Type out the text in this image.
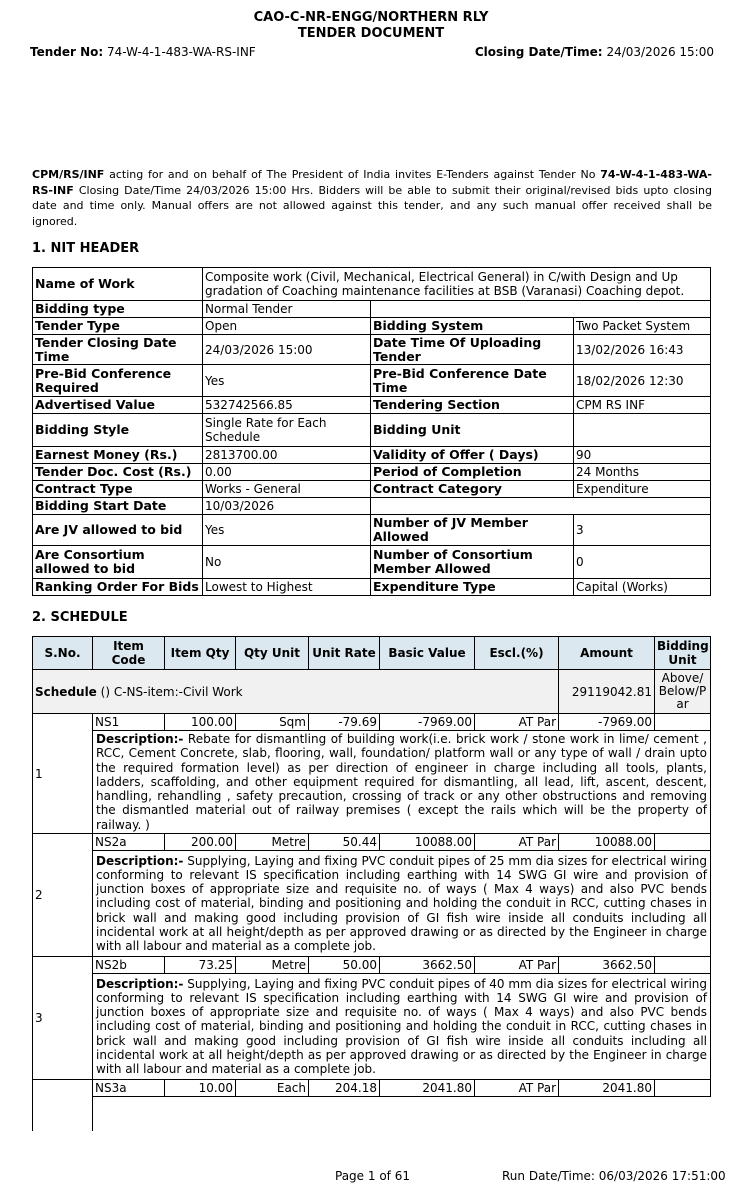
CAO-C-NR-ENGG/NORTHERN RLY
TENDER DOCUMENT
Tender No: 74-W-4-1-483-WA-RS-INF	Closing Date/Time: 24/03/2026 15:00
CPM/RS/INF acting for and on behalf of The President of India invites E-Tenders against Tender No 74-W-4-1-483-WA-RS-INF Closing Date/Time 24/03/2026 15:00 Hrs. Bidders will be able to submit their original/revised bids upto closing date and time only. Manual offers are not allowed against this tender, and any such manual offer received shall be ignored.
1. NIT HEADER
Name of Work	Composite work (Civil, Mechanical, Electrical General) in C/with Design and Up gradation of Coaching maintenance facilities at BSB (Varanasi) Coaching depot.		
Bidding type	Normal Tender		
Tender Type	Open	Bidding System	Two Packet System
Tender Closing Date Time	24/03/2026 15:00	Date Time Of Uploading Tender	13/02/2026 16:43
Pre-Bid Conference Required	Yes	Pre-Bid Conference Date Time	18/02/2026 12:30
Advertised Value	532742566.85	Tendering Section	CPM RS INF
Bidding Style	Single Rate for Each Schedule	Bidding Unit	
Earnest Money (Rs.)	2813700.00	Validity of Offer ( Days)	90
Tender Doc. Cost (Rs.)	0.00	Period of Completion	24 Months
Contract Type	Works - General	Contract Category	Expenditure
Bidding Start Date	10/03/2026		
Are JV allowed to bid	Yes	Number of JV Member Allowed	3
Are Consortium allowed to bid	No	Number of Consortium Member Allowed	0
Ranking Order For Bids	Lowest to Highest	Expenditure Type	Capital (Works)
2. SCHEDULE
S.No.	Item Code	Item Qty	Qty Unit	Unit Rate	Basic Value	Escl.(%)	Amount	Bidding Unit
Schedule () C-NS-item:-Civil Work							29119042.81	Above/ Below/P ar
1	NS1	100.00	Sqm	-79.69	-7969.00	AT Par	-7969.00	
	Description:- Rebate for dismantling of building work(i.e. brick work / stone work in lime/ cement , RCC, Cement Concrete, slab, flooring, wall, foundation/ platform wall or any type of wall / drain upto the required formation level) as per direction of engineer in charge including all tools, plants, ladders, scaffolding, and other equipment required for dismantling, all lead, lift, ascent, descent, handling, rehandling , safety precaution, crossing of track or any other obstructions and removing the dismantled material out of railway premises ( except the rails which will be the property of railway. )							
2	NS2a	200.00	Metre	50.44	10088.00	AT Par	10088.00	
	Description:- Supplying, Laying and fixing PVC conduit pipes of 25 mm dia sizes for electrical wiring conforming to relevant IS specification including earthing with 14 SWG GI wire and provision of junction boxes of appropriate size and requisite no. of ways ( Max 4 ways) and also PVC bends including cost of material, binding and positioning and holding the conduit in RCC, cutting chases in brick wall and making good including provision of GI fish wire inside all conduits including all incidental work at all height/depth as per approved drawing or as directed by the Engineer in charge with all labour and material as a complete job.							
3	NS2b	73.25	Metre	50.00	3662.50	AT Par	3662.50	
	Description:- Supplying, Laying and fixing PVC conduit pipes of 40 mm dia sizes for electrical wiring conforming to relevant IS specification including earthing with 14 SWG GI wire and provision of junction boxes of appropriate size and requisite no. of ways ( Max 4 ways) and also PVC bends including cost of material, binding and positioning and holding the conduit in RCC, cutting chases in brick wall and making good including provision of GI fish wire inside all conduits including all incidental work at all height/depth as per approved drawing or as directed by the Engineer in charge with all labour and material as a complete job.							
	NS3a	10.00	Each	204.18	2041.80	AT Par	2041.80	

Page 1 of 61	Run Date/Time: 06/03/2026 17:51:00
